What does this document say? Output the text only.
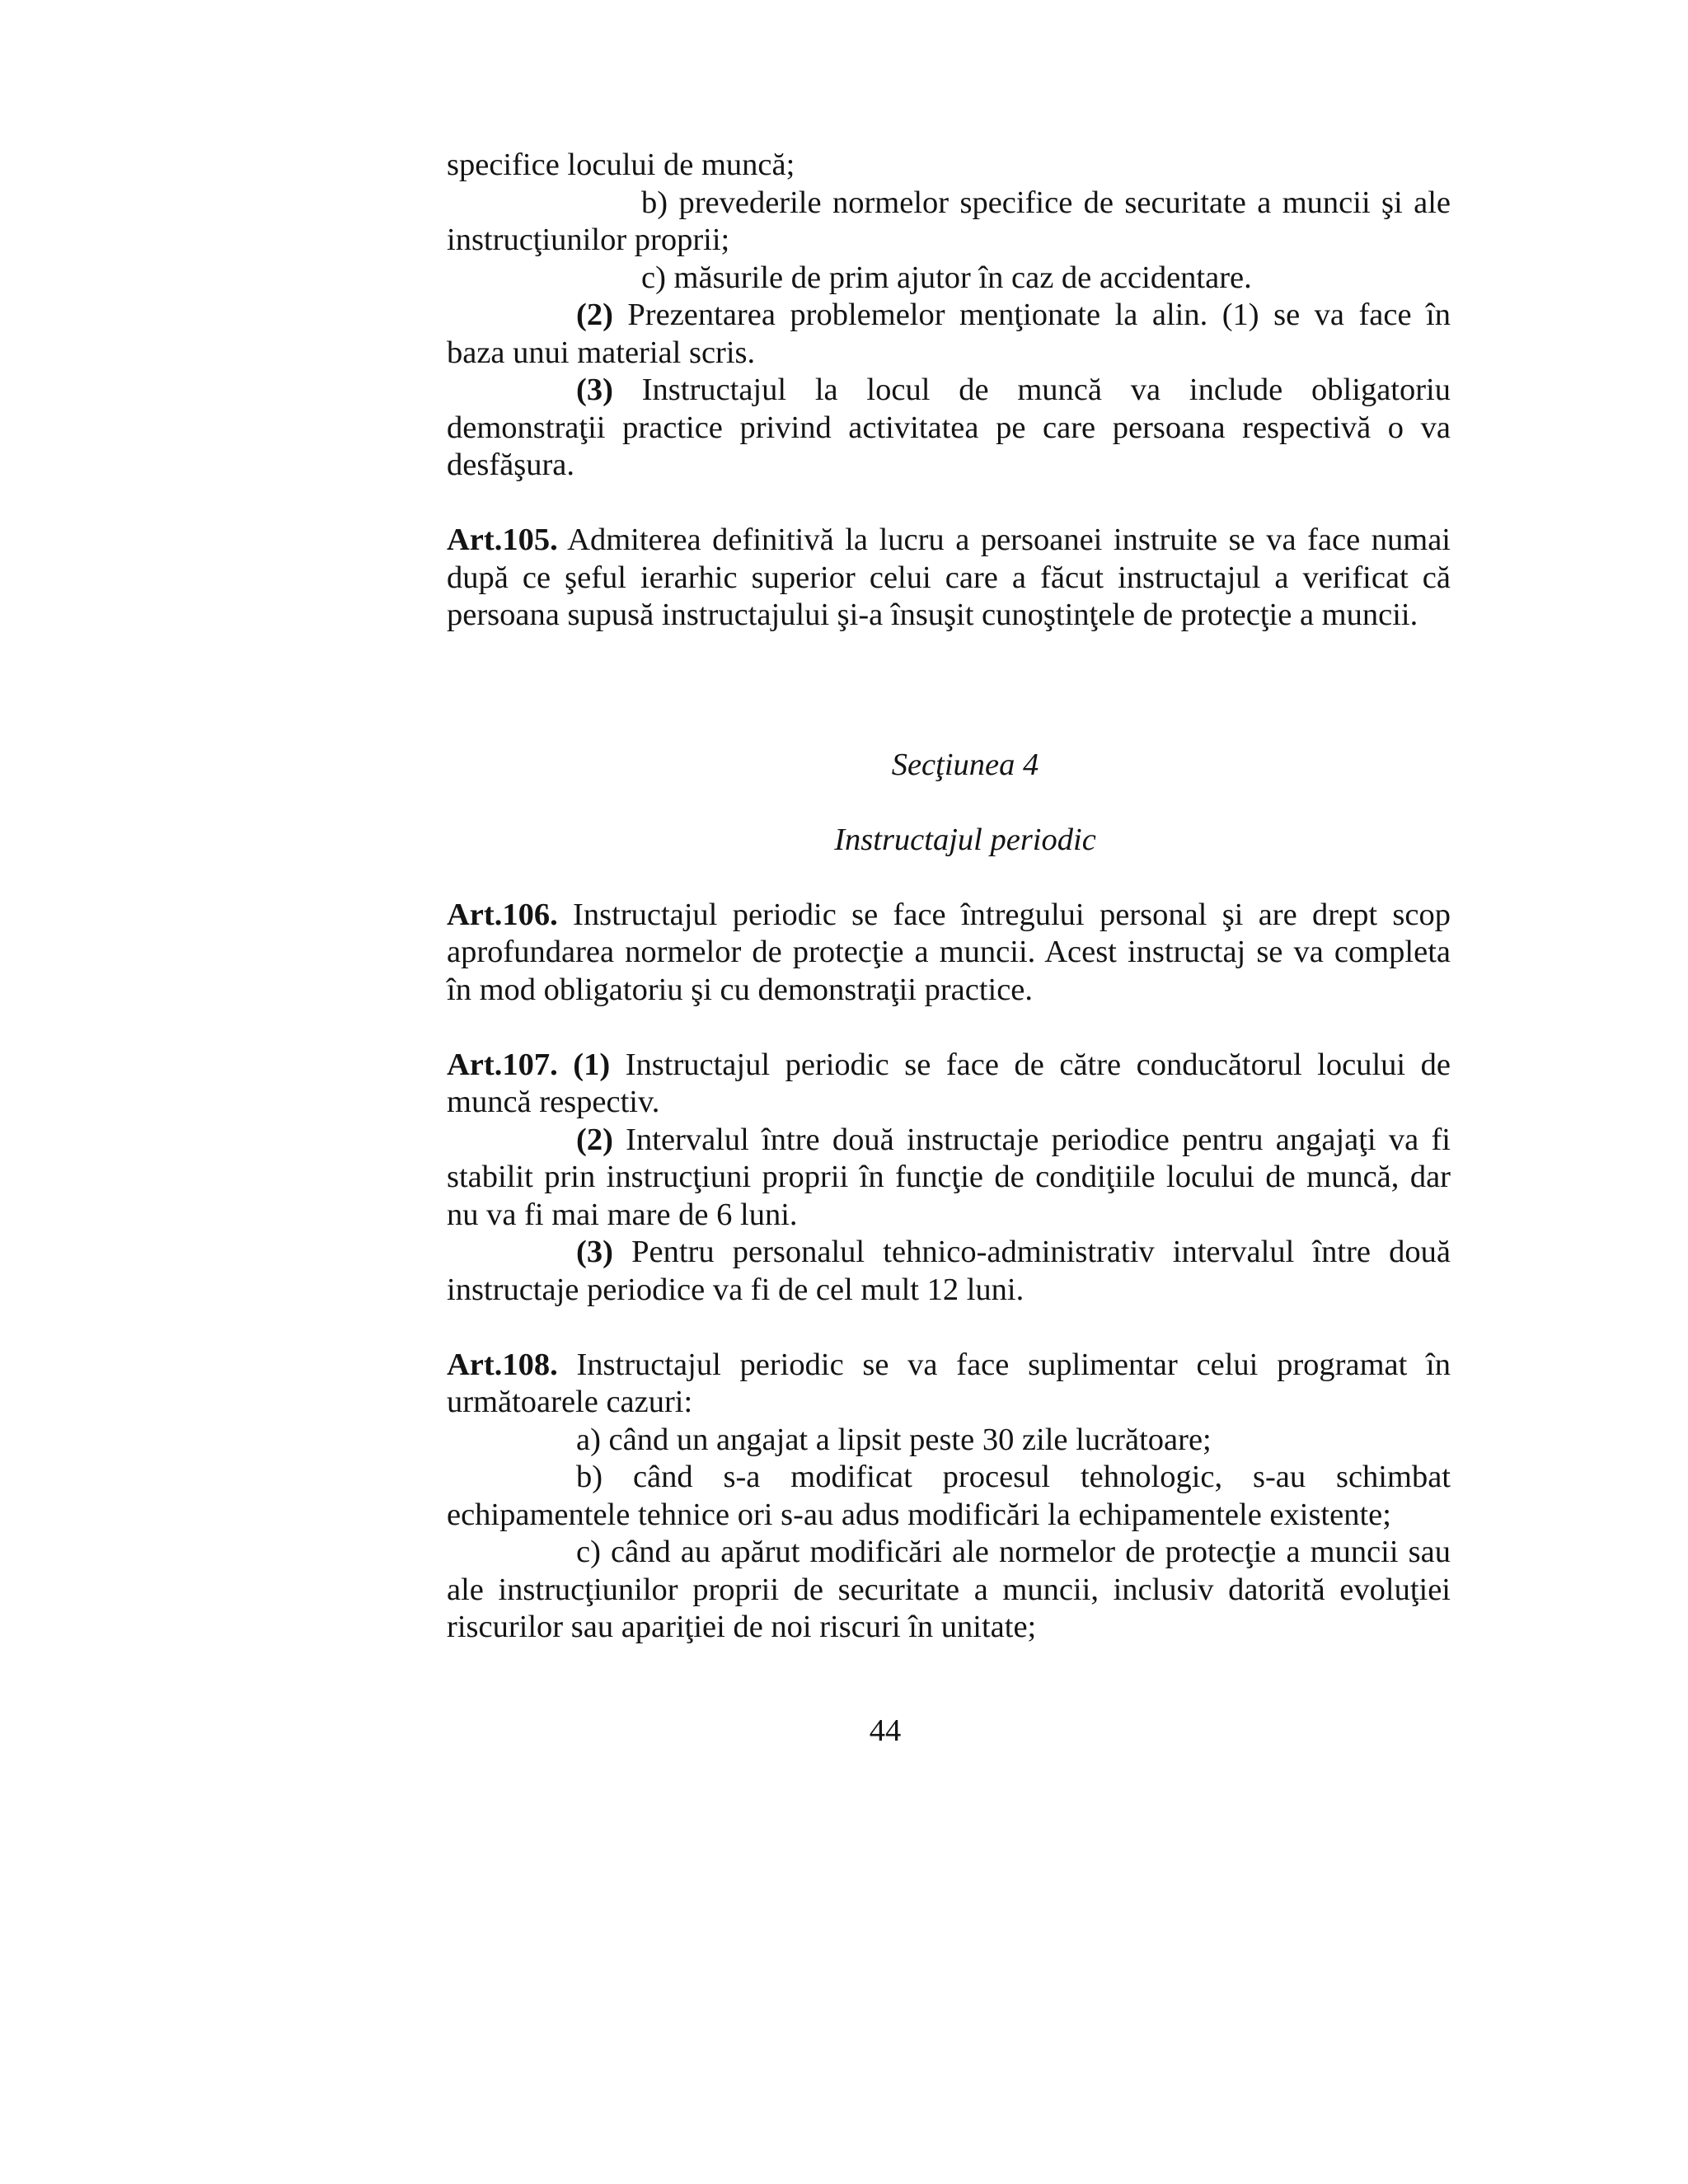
specifice locului de muncă;

b) prevederile normelor specifice de securitate a muncii şi ale instrucţiunilor proprii;

c) măsurile de prim ajutor în caz de accidentare.

(2) Prezentarea problemelor menţionate la alin. (1) se va face în baza unui material scris.

(3) Instructajul la locul de muncă va include obligatoriu demonstraţii practice privind activitatea pe care persoana respectivă o va desfăşura.

Art.105. Admiterea definitivă la lucru a persoanei instruite se va face numai după ce şeful ierarhic superior celui care a făcut instructajul a verificat că persoana supusă instructajului şi-a însuşit cunoştinţele de protecţie a muncii.

Secţiunea 4

Instructajul periodic

Art.106. Instructajul periodic se face întregului personal şi are drept scop aprofundarea normelor de protecţie a muncii. Acest instructaj se va completa în mod obligatoriu şi cu demonstraţii practice.

Art.107. (1) Instructajul periodic se face de către conducătorul locului de muncă respectiv.

(2) Intervalul între două instructaje periodice pentru angajaţi va fi stabilit prin instrucţiuni proprii în funcţie de condiţiile locului de muncă, dar nu va fi mai mare de 6 luni.

(3) Pentru personalul tehnico-administrativ intervalul între două instructaje periodice va fi de cel mult 12 luni.

Art.108. Instructajul periodic se va face suplimentar celui programat în următoarele cazuri:

a) când un angajat a lipsit peste 30 zile lucrătoare;

b) când s-a modificat procesul tehnologic, s-au schimbat echipamentele tehnice ori s-au adus modificări la echipamentele existente;

c) când au apărut modificări ale normelor de protecţie a muncii sau ale instrucţiunilor proprii de securitate a muncii, inclusiv datorită evoluţiei riscurilor sau apariţiei de noi riscuri în unitate;

44
